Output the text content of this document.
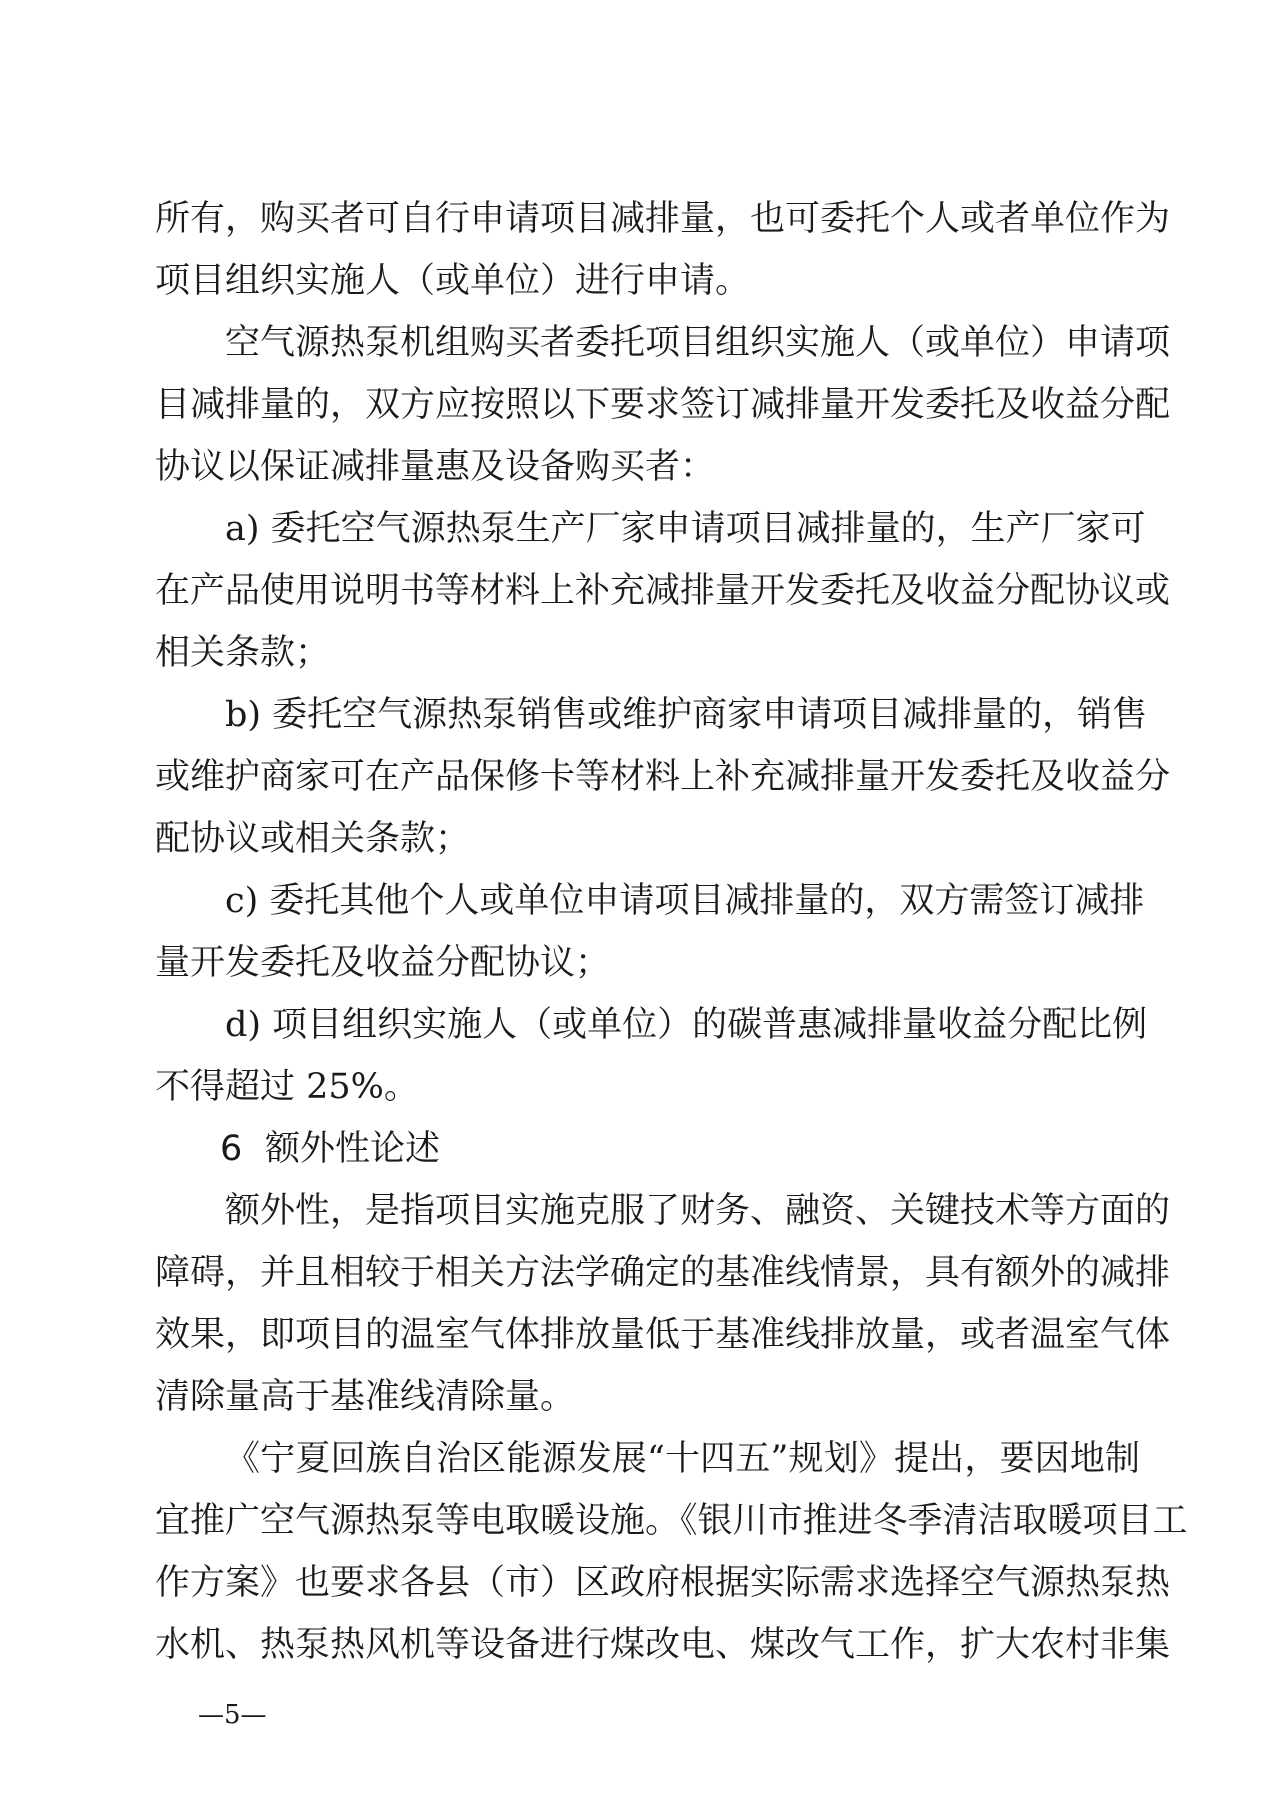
所有，购买者可自行申请项目减排量，也可委托个人或者单位作为
项目组织实施人（或单位）进行申请。
空气源热泵机组购买者委托项目组织实施人（或单位）申请项
目减排量的，双方应按照以下要求签订减排量开发委托及收益分配
协议以保证减排量惠及设备购买者：
a) 委托空气源热泵生产厂家申请项目减排量的，生产厂家可
在产品使用说明书等材料上补充减排量开发委托及收益分配协议或
相关条款；
b) 委托空气源热泵销售或维护商家申请项目减排量的，销售
或维护商家可在产品保修卡等材料上补充减排量开发委托及收益分
配协议或相关条款；
c) 委托其他个人或单位申请项目减排量的，双方需签订减排
量开发委托及收益分配协议；
d) 项目组织实施人（或单位）的碳普惠减排量收益分配比例
不得超过 25%。
6 额外性论述
额外性，是指项目实施克服了财务、融资、关键技术等方面的
障碍，并且相较于相关方法学确定的基准线情景，具有额外的减排
效果，即项目的温室气体排放量低于基准线排放量，或者温室气体
清除量高于基准线清除量。
《宁夏回族自治区能源发展“十四五”规划》提出，要因地制
宜推广空气源热泵等电取暖设施。《银川市推进冬季清洁取暖项目工
作方案》也要求各县（市）区政府根据实际需求选择空气源热泵热
水机、热泵热风机等设备进行煤改电、煤改气工作，扩大农村非集
—5—
